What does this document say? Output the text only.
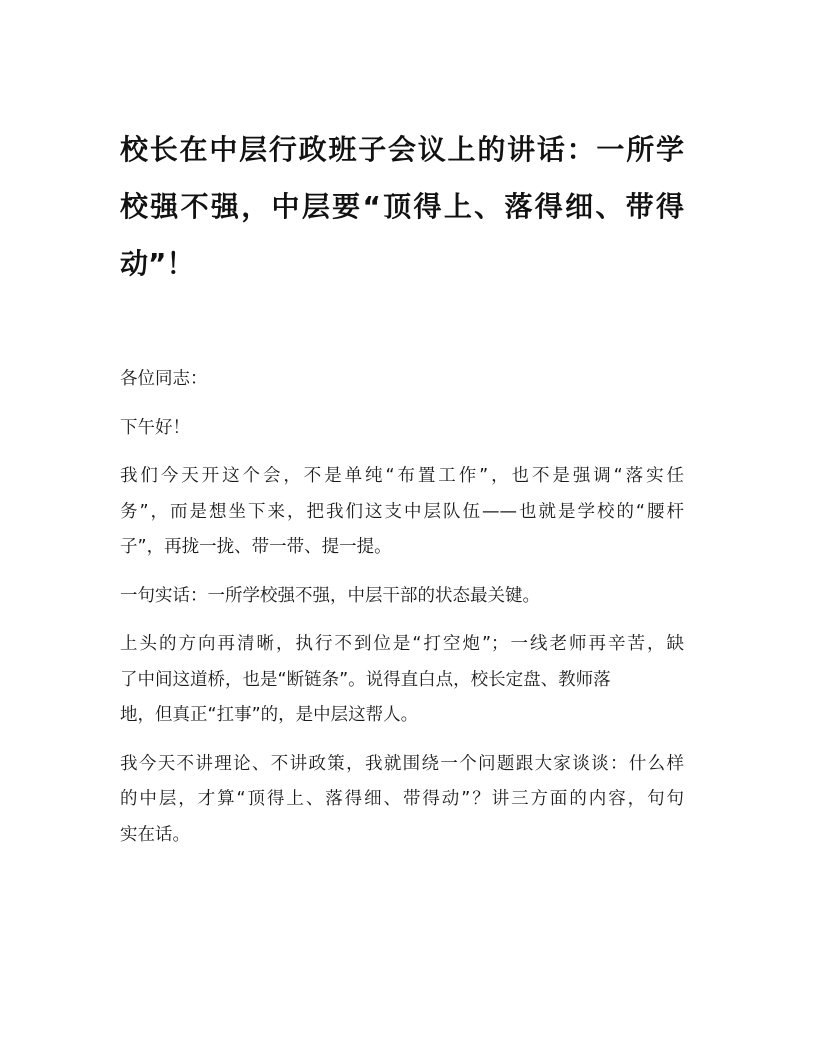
校长在中层行政班子会议上的讲话：一所学
校强不强，中层要“顶得上、落得细、带得
动”！
各位同志：
下午好！
我们今天开这个会，不是单纯“布置工作”，也不是强调“落实任
务”，而是想坐下来，把我们这支中层队伍——也就是学校的“腰杆
子”，再拢一拢、带一带、提一提。
一句实话：一所学校强不强，中层干部的状态最关键。
上头的方向再清晰，执行不到位是“打空炮”；一线老师再辛苦，缺
了中间这道桥，也是“断链条”。说得直白点，校长定盘、教师落
地，但真正“扛事”的，是中层这帮人。
我今天不讲理论、不讲政策，我就围绕一个问题跟大家谈谈：什么样
的中层，才算“顶得上、落得细、带得动”？讲三方面的内容，句句
实在话。
